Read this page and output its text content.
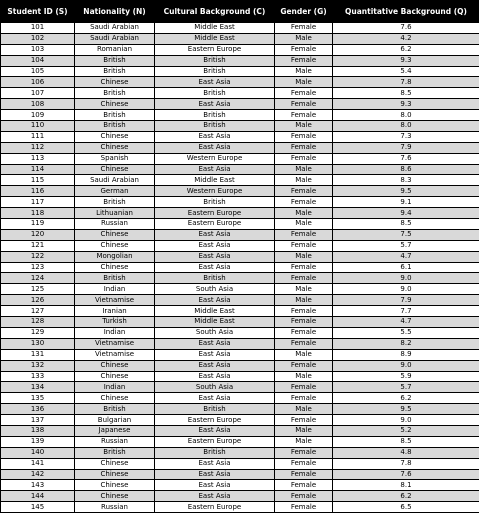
Student ID (S)	Nationality (N)	Cultural Background (C)	Gender (G)	Quantitative Background (Q)
101	Saudi Arabian	Middle East	Female	7.6
102	Saudi Arabian	Middle East	Male	4.2
103	Romanian	Eastern Europe	Female	6.2
104	British	British	Female	9.3
105	British	British	Male	5.4
106	Chinese	East Asia	Male	7.8
107	British	British	Female	8.5
108	Chinese	East Asia	Female	9.3
109	British	British	Female	8.0
110	British	British	Male	8.0
111	Chinese	East Asia	Female	7.3
112	Chinese	East Asia	Female	7.9
113	Spanish	Western Europe	Female	7.6
114	Chinese	East Asia	Male	8.6
115	Saudi Arabian	Middle East	Male	8.3
116	German	Western Europe	Female	9.5
117	British	British	Female	9.1
118	Lithuanian	Eastern Europe	Male	9.4
119	Russian	Eastern Europe	Male	8.5
120	Chinese	East Asia	Female	7.5
121	Chinese	East Asia	Female	5.7
122	Mongolian	East Asia	Male	4.7
123	Chinese	East Asia	Female	6.1
124	British	British	Female	9.0
125	Indian	South Asia	Male	9.0
126	Vietnamise	East Asia	Male	7.9
127	Iranian	Middle East	Female	7.7
128	Turkish	Middle East	Female	4.7
129	Indian	South Asia	Female	5.5
130	Vietnamise	East Asia	Female	8.2
131	Vietnamise	East Asia	Male	8.9
132	Chinese	East Asia	Female	9.0
133	Chinese	East Asia	Male	5.9
134	Indian	South Asia	Female	5.7
135	Chinese	East Asia	Female	6.2
136	British	British	Male	9.5
137	Bulgarian	Eastern Europe	Female	9.0
138	Japanese	East Asia	Male	5.2
139	Russian	Eastern Europe	Male	8.5
140	British	British	Female	4.8
141	Chinese	East Asia	Female	7.8
142	Chinese	East Asia	Female	7.6
143	Chinese	East Asia	Female	8.1
144	Chinese	East Asia	Female	6.2
145	Russian	Eastern Europe	Female	6.5
